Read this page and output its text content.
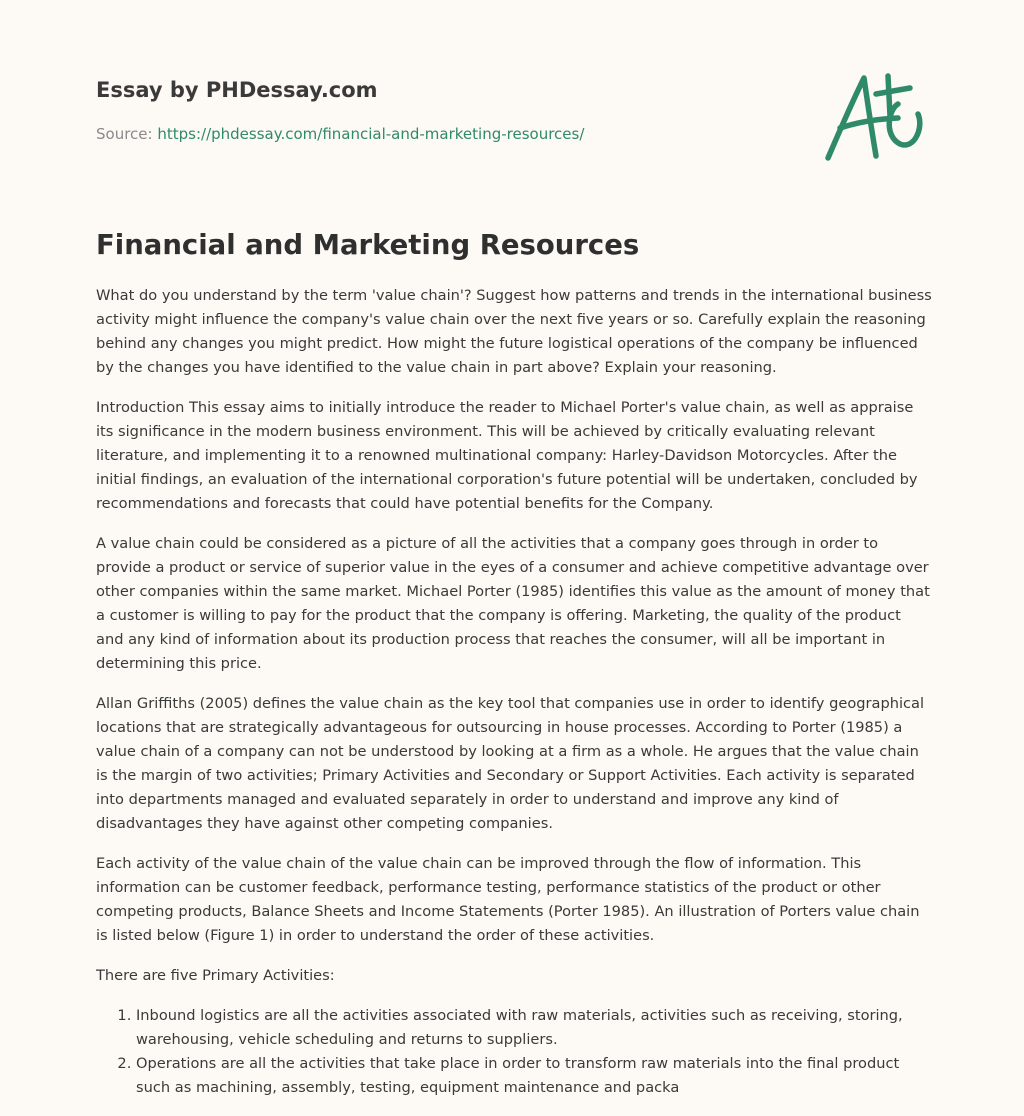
Essay by PHDessay.com
Source: https://phdessay.com/financial-and-marketing-resources/
Financial and Marketing Resources

What do you understand by the term 'value chain'? Suggest how patterns and trends in the international business activity might influence the company's value chain over the next five years or so. Carefully explain the reasoning behind any changes you might predict. How might the future logistical operations of the company be influenced by the changes you have identified to the value chain in part above? Explain your reasoning.

Introduction This essay aims to initially introduce the reader to Michael Porter's value chain, as well as appraise its significance in the modern business environment. This will be achieved by critically evaluating relevant literature, and implementing it to a renowned multinational company: Harley-Davidson Motorcycles. After the initial findings, an evaluation of the international corporation's future potential will be undertaken, concluded by recommendations and forecasts that could have potential benefits for the Company.

A value chain could be considered as a picture of all the activities that a company goes through in order to provide a product or service of superior value in the eyes of a consumer and achieve competitive advantage over other companies within the same market. Michael Porter (1985) identifies this value as the amount of money that a customer is willing to pay for the product that the company is offering. Marketing, the quality of the product and any kind of information about its production process that reaches the consumer, will all be important in determining this price.

Allan Griffiths (2005) defines the value chain as the key tool that companies use in order to identify geographical locations that are strategically advantageous for outsourcing in house processes. According to Porter (1985) a value chain of a company can not be understood by looking at a firm as a whole. He argues that the value chain is the margin of two activities; Primary Activities and Secondary or Support Activities. Each activity is separated into departments managed and evaluated separately in order to understand and improve any kind of disadvantages they have against other competing companies.

Each activity of the value chain of the value chain can be improved through the flow of information. This information can be customer feedback, performance testing, performance statistics of the product or other competing products, Balance Sheets and Income Statements (Porter 1985). An illustration of Porters value chain is listed below (Figure 1) in order to understand the order of these activities.

There are five Primary Activities:

1. Inbound logistics are all the activities associated with raw materials, activities such as receiving, storing, warehousing, vehicle scheduling and returns to suppliers.
2. Operations are all the activities that take place in order to transform raw materials into the final product such as machining, assembly, testing, equipment maintenance and packa
